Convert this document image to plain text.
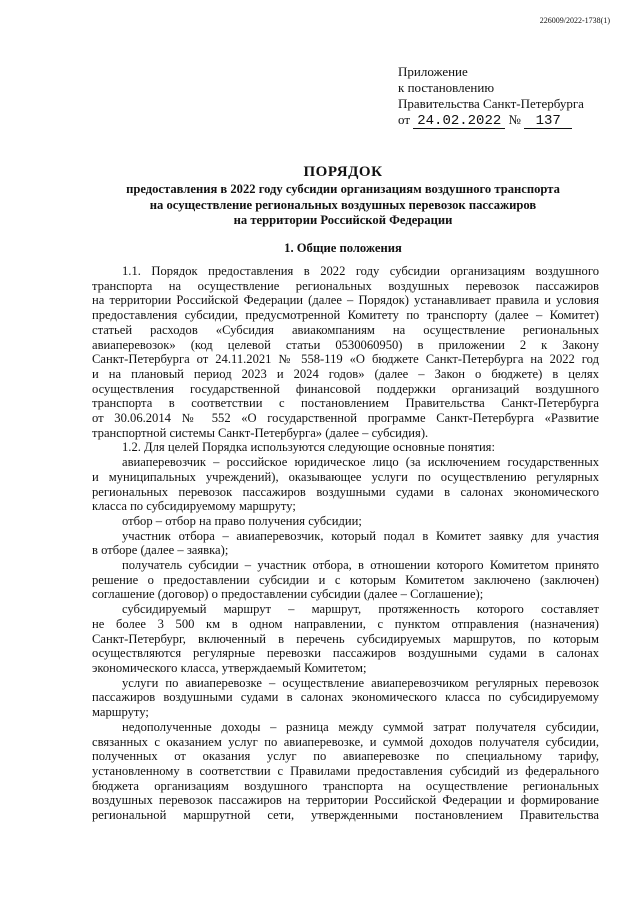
226009/2022-1738(1)
Приложение
к постановлению
Правительства Санкт-Петербурга
от 24.02.2022 № 137
ПОРЯДОК
предоставления в 2022 году субсидии организациям воздушного транспорта
на осуществление региональных воздушных перевозок пассажиров
на территории Российской Федерации
1. Общие положения

1.1. Порядок предоставления в 2022 году субсидии организациям воздушного

транспорта на осуществление региональных воздушных перевозок пассажиров

на территории Российской Федерации (далее – Порядок) устанавливает правила и условия

предоставления субсидии, предусмотренной Комитету по транспорту (далее – Комитет)

статьей расходов «Субсидия авиакомпаниям на осуществление региональных

авиаперевозок» (код целевой статьи 0530060950) в приложении 2 к Закону

Санкт-Петербурга от 24.11.2021 № 558-119 «О бюджете Санкт-Петербурга на 2022 год

и на плановый период 2023 и 2024 годов» (далее – Закон о бюджете) в целях

осуществления государственной финансовой поддержки организаций воздушного

транспорта в соответствии с постановлением Правительства Санкт-Петербурга

от 30.06.2014 № 552 «О государственной программе Санкт-Петербурга «Развитие

транспортной системы Санкт-Петербурга» (далее – субсидия).

1.2. Для целей Порядка используются следующие основные понятия:

авиаперевозчик – российское юридическое лицо (за исключением государственных

и муниципальных учреждений), оказывающее услуги по осуществлению регулярных

региональных перевозок пассажиров воздушными судами в салонах экономического

класса по субсидируемому маршруту;

отбор – отбор на право получения субсидии;

участник отбора – авиаперевозчик, который подал в Комитет заявку для участия

в отборе (далее – заявка);

получатель субсидии – участник отбора, в отношении которого Комитетом принято

решение о предоставлении субсидии и с которым Комитетом заключено (заключен)

соглашение (договор) о предоставлении субсидии (далее – Соглашение);

субсидируемый маршрут – маршрут, протяженность которого составляет

не более 3 500 км в одном направлении, с пунктом отправления (назначения)

Санкт-Петербург, включенный в перечень субсидируемых маршрутов, по которым

осуществляются регулярные перевозки пассажиров воздушными судами в салонах

экономического класса, утверждаемый Комитетом;

услуги по авиаперевозке – осуществление авиаперевозчиком регулярных перевозок

пассажиров воздушными судами в салонах экономического класса по субсидируемому

маршруту;

недополученные доходы – разница между суммой затрат получателя субсидии,

связанных с оказанием услуг по авиаперевозке, и суммой доходов получателя субсидии,

полученных от оказания услуг по авиаперевозке по специальному тарифу,

установленному в соответствии с Правилами предоставления субсидий из федерального

бюджета организациям воздушного транспорта на осуществление региональных

воздушных перевозок пассажиров на территории Российской Федерации и формирование

региональной маршрутной сети, утвержденными постановлением Правительства
